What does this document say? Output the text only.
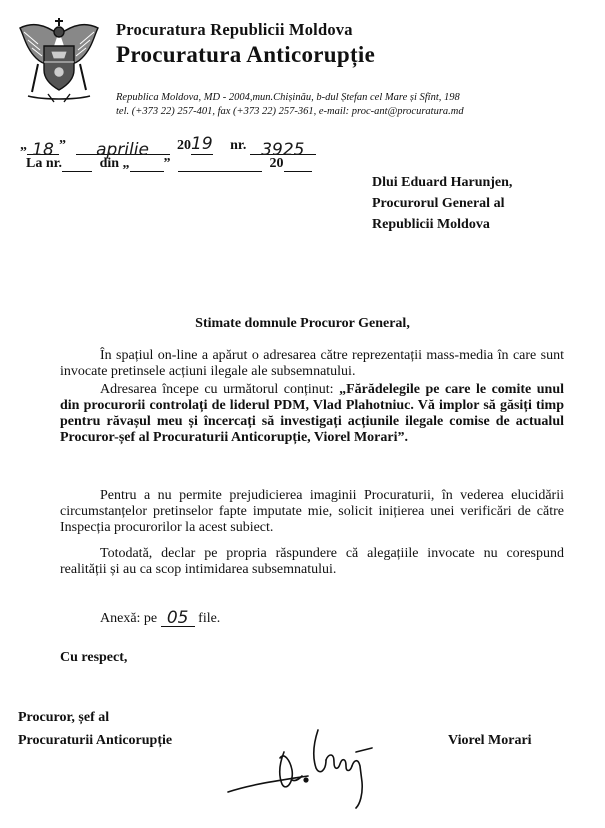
Procuratura Republicii Moldova
Procuratura Anticorupție
Republica Moldova, MD - 2004,mun.Chișinău, b-dul Ștefan cel Mare și Sfînt, 198
tel. (+373 22) 257-401, fax (+373 22) 257-361, e-mail: proc-ant@procuratura.md
„ 18 ” aprilie 2019 nr. 3925
La nr.	din „ ”	20
Dlui Eduard Harunjen,
Procurorul General al
Republicii Moldova
Stimate domnule Procuror General,
În spațiul on-line a apărut o adresarea către reprezentații mass-media în care sunt invocate pretinsele acțiuni ilegale ale subsemnatului.
Adresarea începe cu următorul conținut: „Fărădelegile pe care le comite unul din procurorii controlați de liderul PDM, Vlad Plahotniuc. Vă implor să găsiți timp pentru răvașul meu și încercați să investigați acțiunile ilegale comise de actualul Procuror-șef al Procuraturii Anticorupție, Viorel Morari”.
Pentru a nu permite prejudicierea imaginii Procuraturii, în vederea elucidării circumstanțelor pretinselor fapte imputate mie, solicit inițierea unei verificări de către Inspecția procurorilor la acest subiect.
Totodată, declar pe propria răspundere că alegațiile invocate nu corespund realității și au ca scop intimidarea subsemnatului.
Anexă: pe 05 file.
Cu respect,
Procuror, șef al
Procuraturii Anticorupție	Viorel Morari
